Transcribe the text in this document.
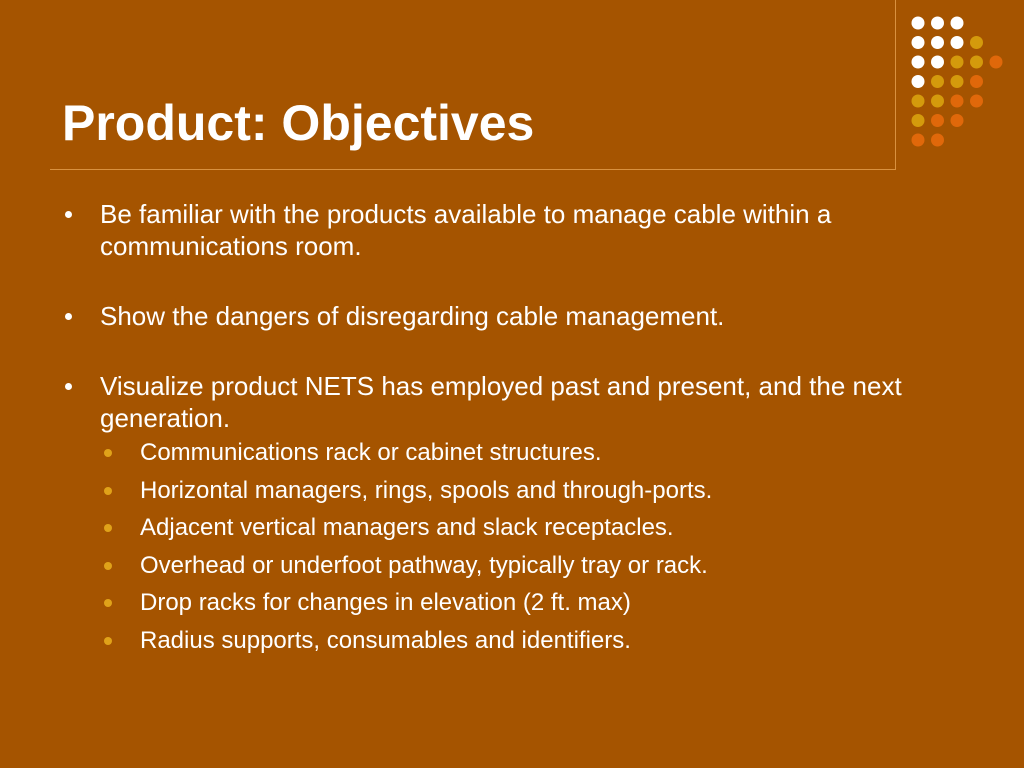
Product: Objectives
Be familiar with the products available to manage cable within a communications room.
Show the dangers of disregarding cable management.
Visualize product NETS has employed past and present, and the next generation.
Communications rack or cabinet structures.
Horizontal managers, rings, spools and through-ports.
Adjacent vertical managers and slack receptacles.
Overhead or underfoot pathway, typically tray or rack.
Drop racks for changes in elevation (2 ft. max)
Radius supports, consumables and identifiers.
